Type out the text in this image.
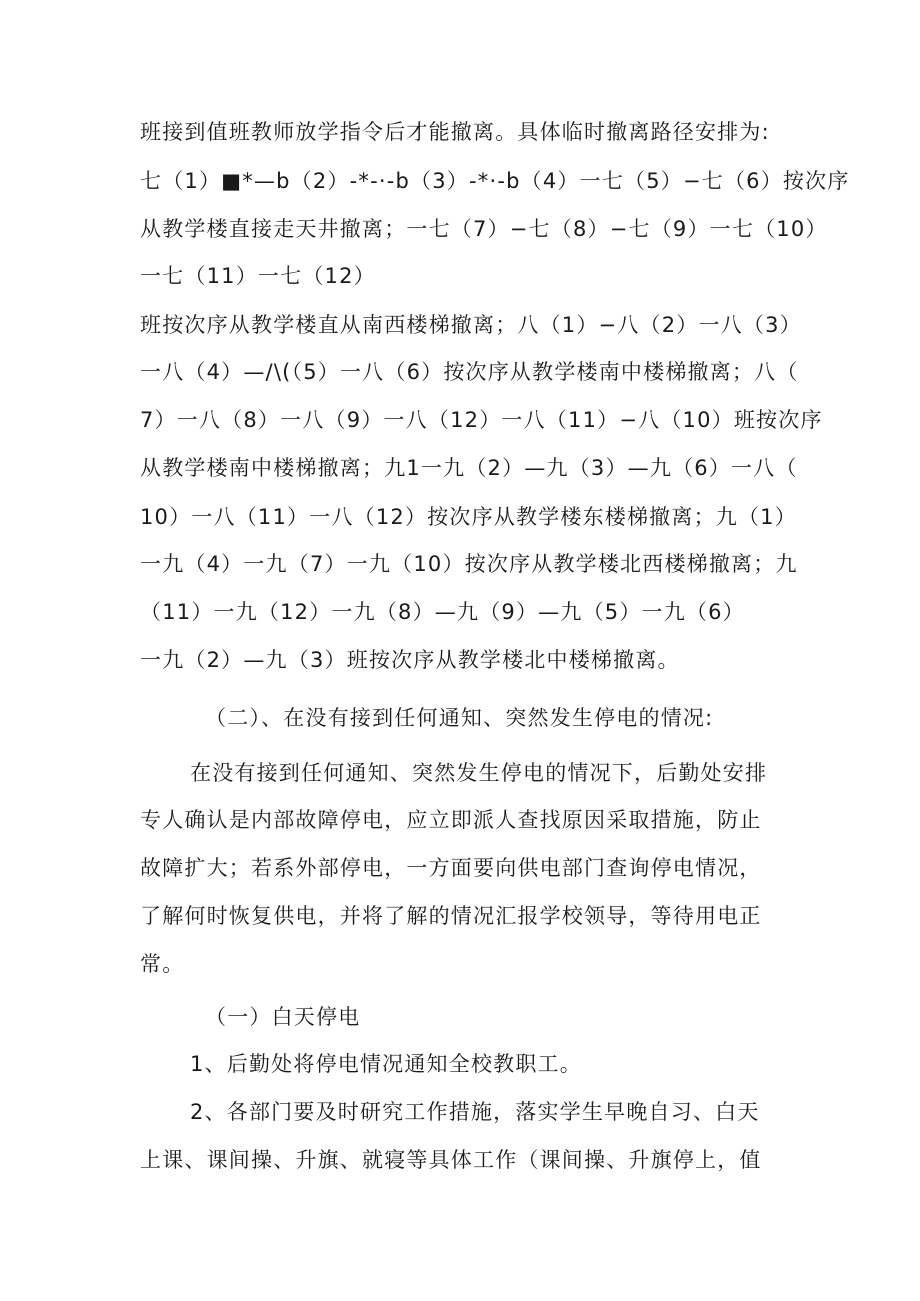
班接到值班教师放学指令后才能撤离。具体临时撤离路径安排为:
七（1）■*—b（2）-*-·-b（3）-*·-b（4）一七（5）−七（6）按次序
从教学楼直接走天井撤离；一七（7）−七（8）−七（9）一七（10）
一七（11）一七（12）
班按次序从教学楼直从南西楼梯撤离；八（1）−八（2）一八（3）
一八（4）—/\(（5）一八（6）按次序从教学楼南中楼梯撤离；八（
7）一八（8）一八（9）一八（12）一八（11）−八（10）班按次序
从教学楼南中楼梯撤离；九1一九（2）—九（3）—九（6）一八（
10）一八（11）一八（12）按次序从教学楼东楼梯撤离；九（1）
一九（4）一九（7）一九（10）按次序从教学楼北西楼梯撤离；九
（11）一九（12）一九（8）—九（9）—九（5）一九（6）
一九（2）—九（3）班按次序从教学楼北中楼梯撤离。
（二）、在没有接到任何通知、突然发生停电的情况:
在没有接到任何通知、突然发生停电的情况下，后勤处安排
专人确认是内部故障停电，应立即派人查找原因采取措施，防止
故障扩大；若系外部停电，一方面要向供电部门查询停电情况，
了解何时恢复供电，并将了解的情况汇报学校领导，等待用电正
常。
（一）白天停电
1、后勤处将停电情况通知全校教职工。
2、各部门要及时研究工作措施，落实学生早晚自习、白天
上课、课间操、升旗、就寝等具体工作（课间操、升旗停上，值
